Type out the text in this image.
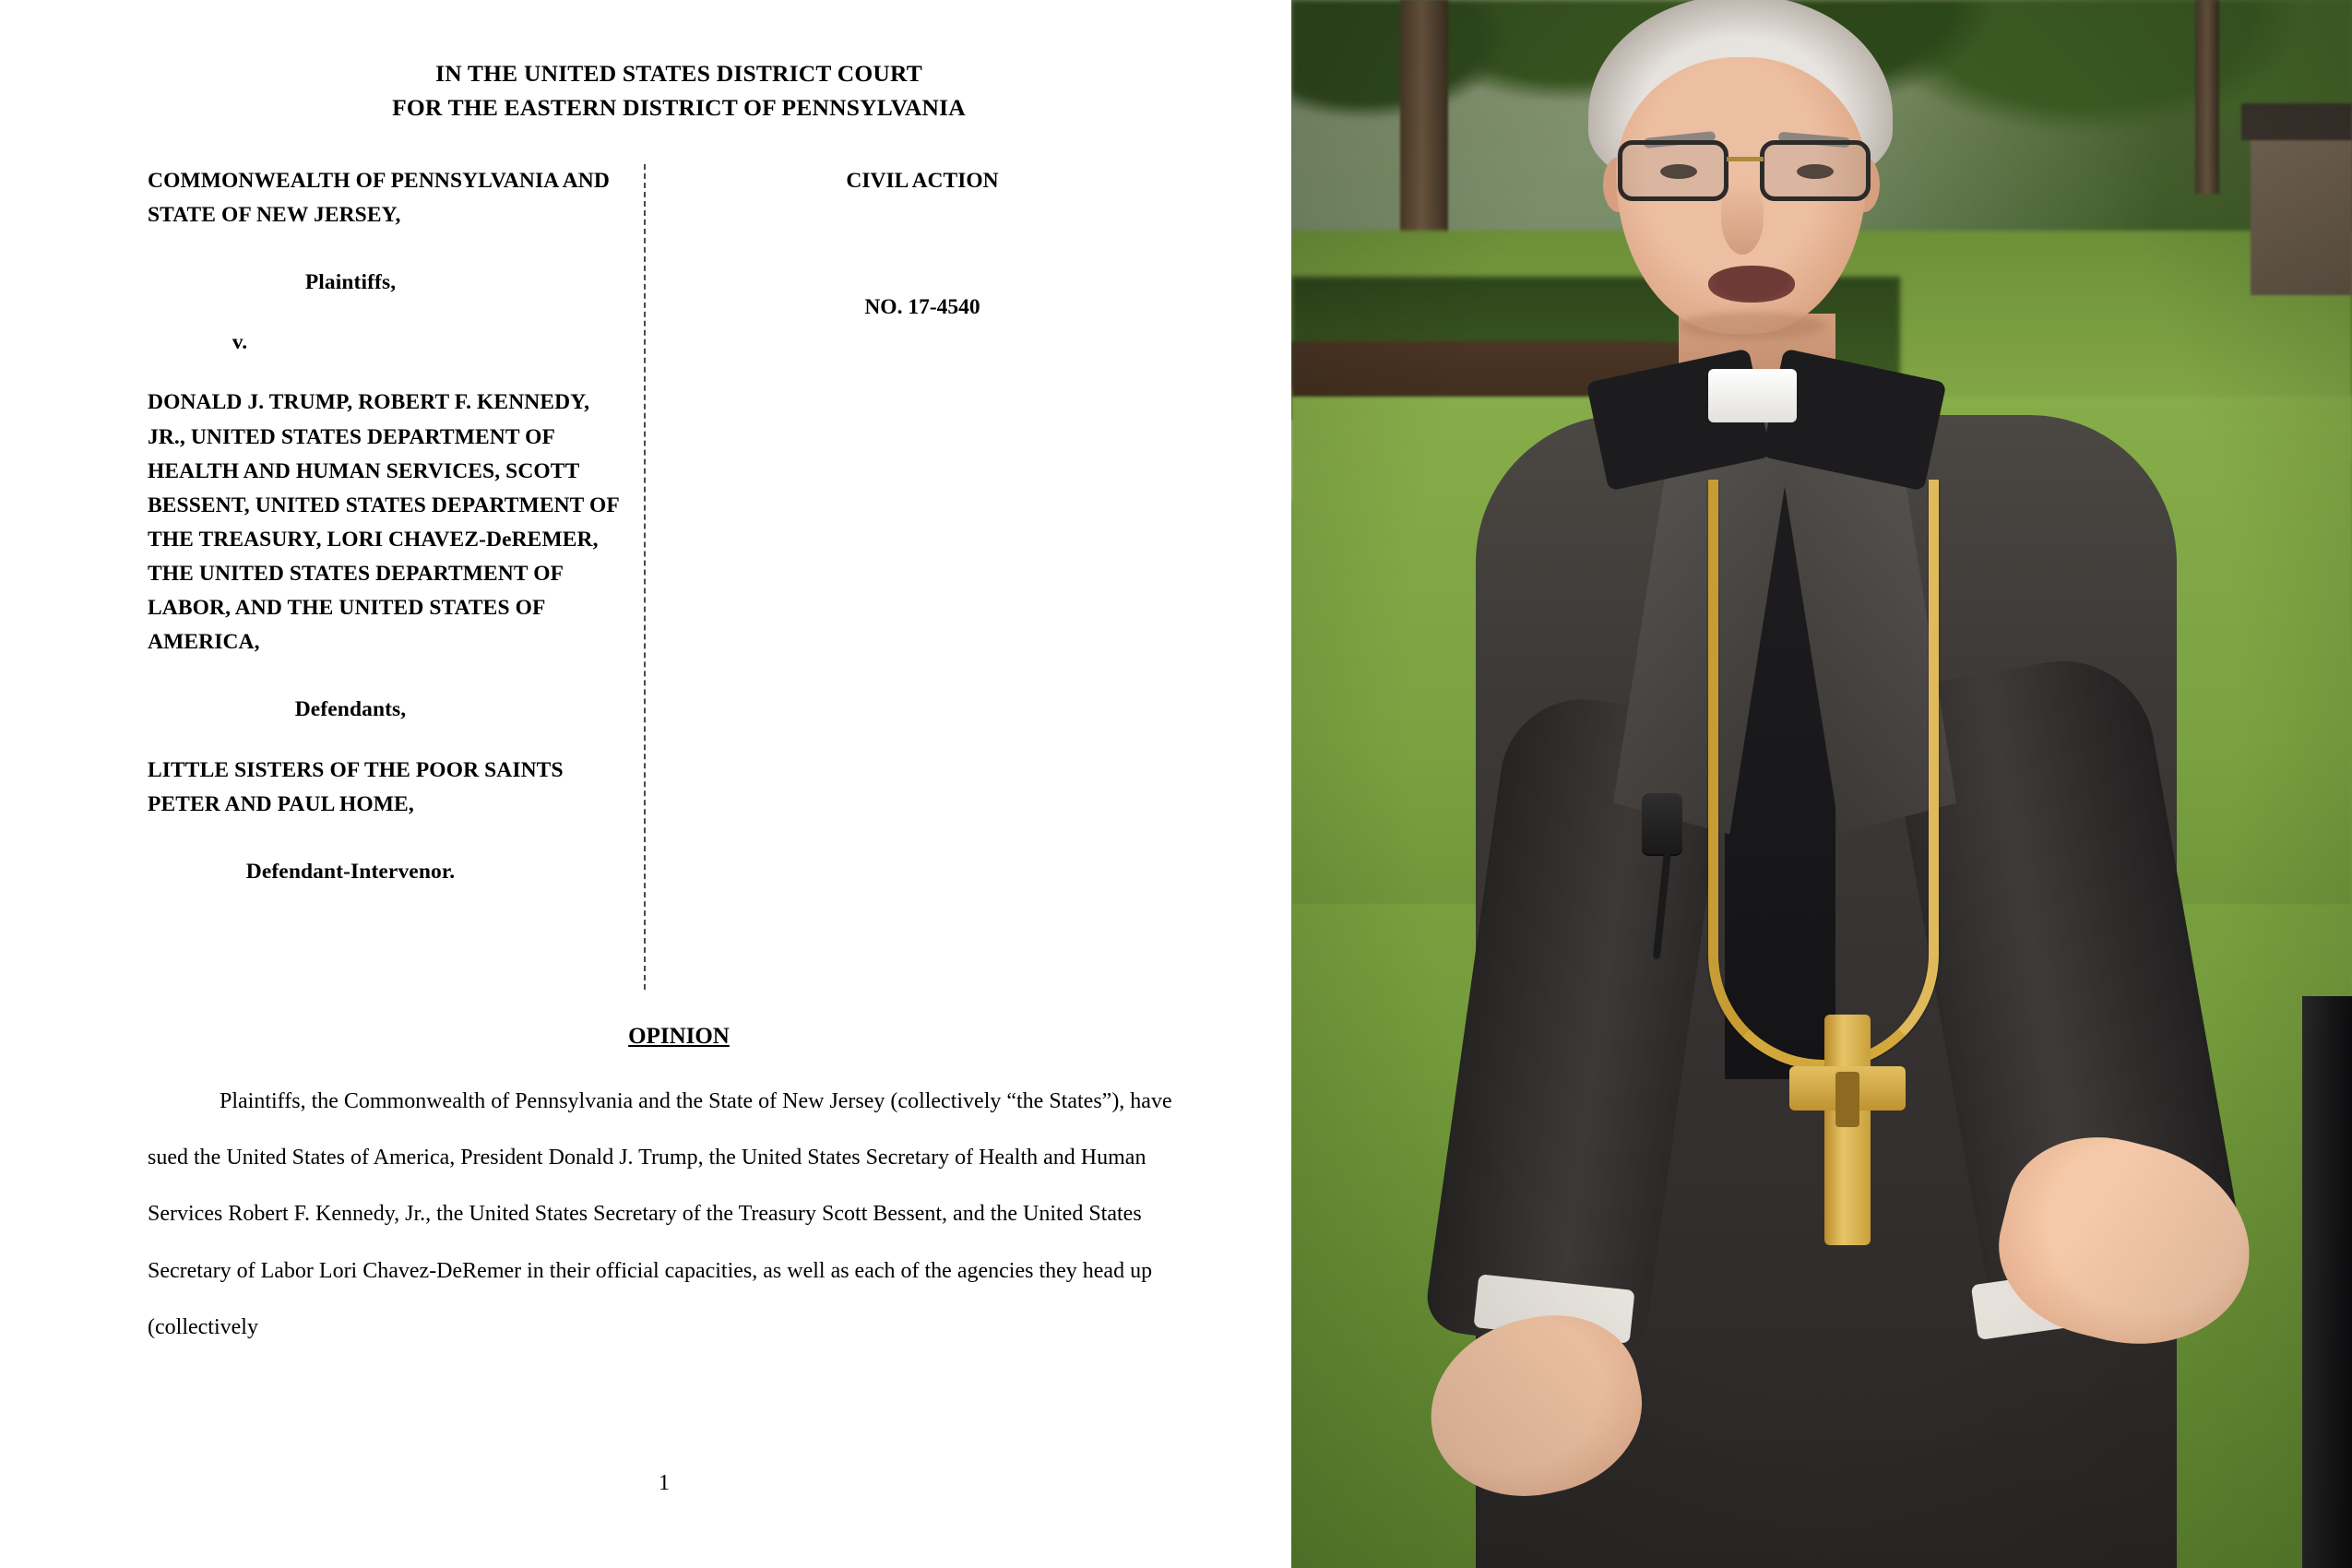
IN THE UNITED STATES DISTRICT COURT
FOR THE EASTERN DISTRICT OF PENNSYLVANIA
COMMONWEALTH OF PENNSYLVANIA AND STATE OF NEW JERSEY,
Plaintiffs,
v.
DONALD J. TRUMP, ROBERT F. KENNEDY, JR., UNITED STATES DEPARTMENT OF HEALTH AND HUMAN SERVICES, SCOTT BESSENT, UNITED STATES DEPARTMENT OF THE TREASURY, LORI CHAVEZ-DeREMER, THE UNITED STATES DEPARTMENT OF LABOR, AND THE UNITED STATES OF AMERICA,
Defendants,
LITTLE SISTERS OF THE POOR SAINTS PETER AND PAUL HOME,
Defendant-Intervenor.
CIVIL ACTION
NO. 17-4540
OPINION
Plaintiffs, the Commonwealth of Pennsylvania and the State of New Jersey (collectively “the States”), have sued the United States of America, President Donald J. Trump, the United States Secretary of Health and Human Services Robert F. Kennedy, Jr., the United States Secretary of the Treasury Scott Bessent, and the United States Secretary of Labor Lori Chavez-DeRemer in their official capacities, as well as each of the agencies they head up (collectively
1
